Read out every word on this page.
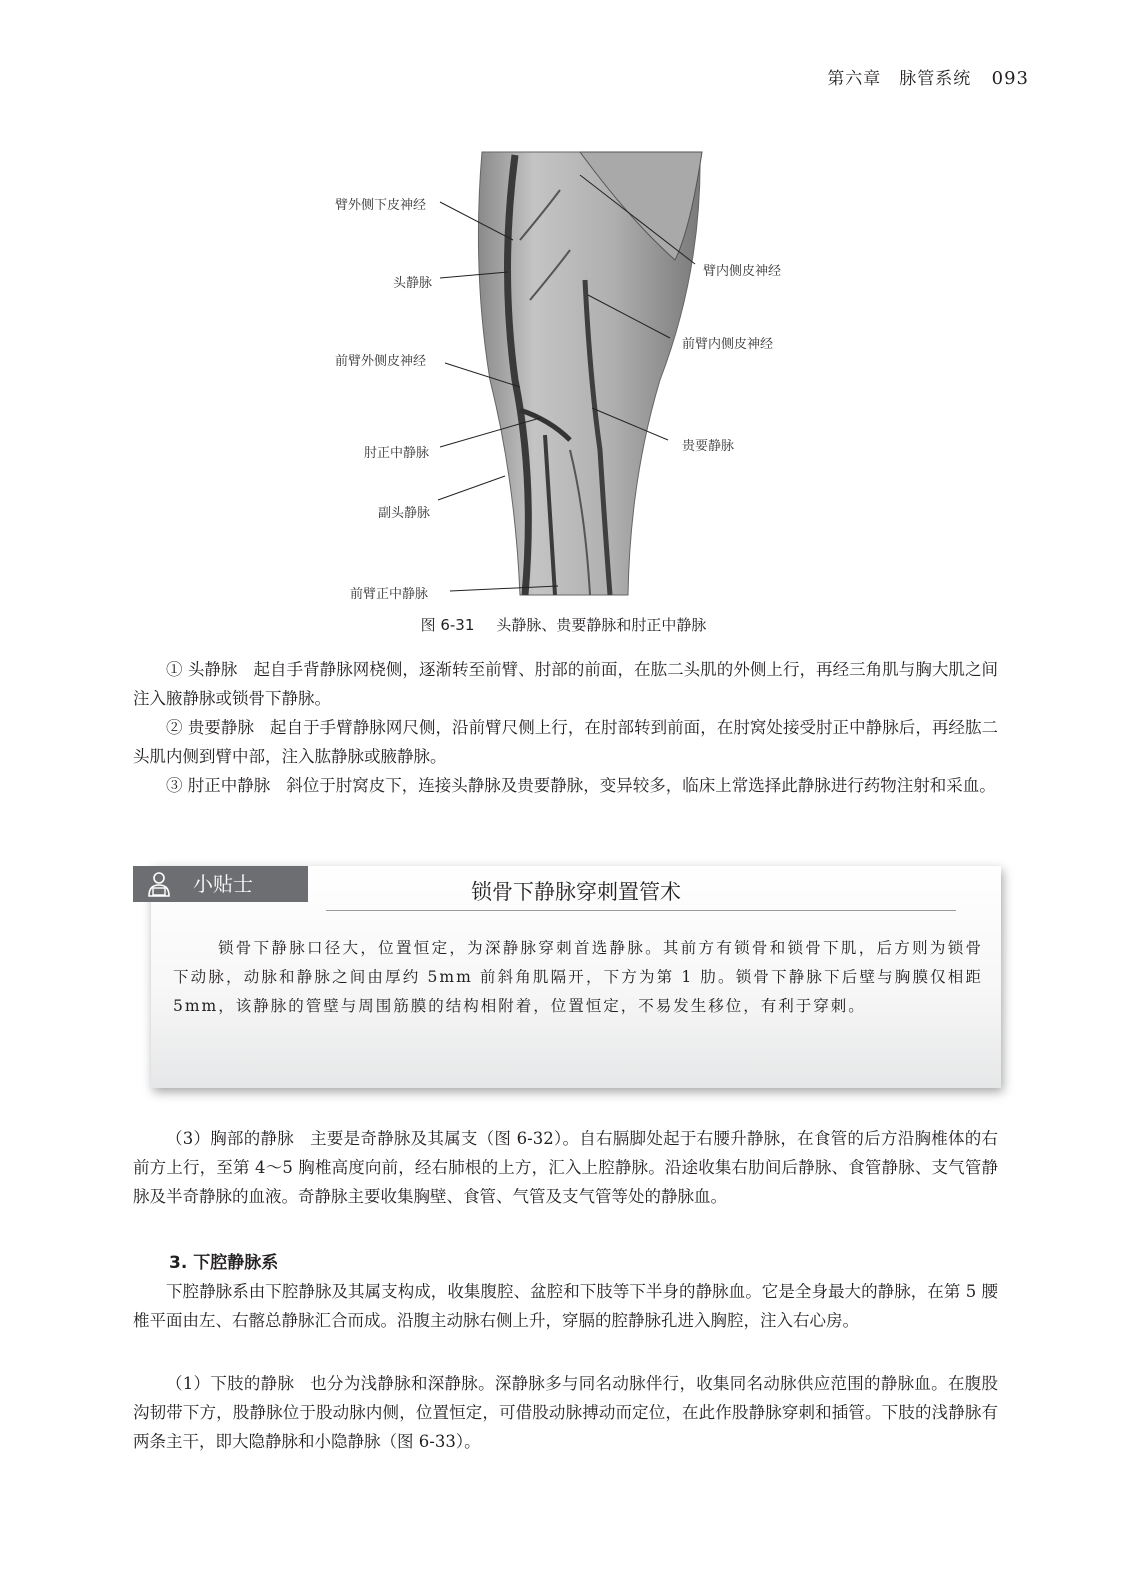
第六章　脉管系统 093
臂外侧下皮神经
头静脉
前臂外侧皮神经
肘正中静脉
副头静脉
前臂正中静脉
臂内侧皮神经
前臂内侧皮神经
贵要静脉
图 6-31 头静脉、贵要静脉和肘正中静脉

① 头静脉 起自手背静脉网桡侧，逐渐转至前臂、肘部的前面，在肱二头肌的外侧上行，再经三角肌与胸大肌之间注入腋静脉或锁骨下静脉。

② 贵要静脉 起自于手臂静脉网尺侧，沿前臂尺侧上行，在肘部转到前面，在肘窝处接受肘正中静脉后，再经肱二头肌内侧到臂中部，注入肱静脉或腋静脉。

③ 肘正中静脉 斜位于肘窝皮下，连接头静脉及贵要静脉，变异较多，临床上常选择此静脉进行药物注射和采血。

锁骨下静脉穿刺置管术

锁骨下静脉口径大，位置恒定，为深静脉穿刺首选静脉。其前方有锁骨和锁骨下肌，后方则为锁骨下动脉，动脉和静脉之间由厚约 5mm 前斜角肌隔开，下方为第 1 肋。锁骨下静脉下后壁与胸膜仅相距 5mm，该静脉的管壁与周围筋膜的结构相附着，位置恒定，不易发生移位，有利于穿刺。

小贴士

（3）胸部的静脉 主要是奇静脉及其属支（图 6-32）。自右膈脚处起于右腰升静脉，在食管的后方沿胸椎体的右前方上行，至第 4～5 胸椎高度向前，经右肺根的上方，汇入上腔静脉。沿途收集右肋间后静脉、食管静脉、支气管静脉及半奇静脉的血液。奇静脉主要收集胸壁、食管、气管及支气管等处的静脉血。

3. 下腔静脉系

下腔静脉系由下腔静脉及其属支构成，收集腹腔、盆腔和下肢等下半身的静脉血。它是全身最大的静脉，在第 5 腰椎平面由左、右髂总静脉汇合而成。沿腹主动脉右侧上升，穿膈的腔静脉孔进入胸腔，注入右心房。

（1）下肢的静脉 也分为浅静脉和深静脉。深静脉多与同名动脉伴行，收集同名动脉供应范围的静脉血。在腹股沟韧带下方，股静脉位于股动脉内侧，位置恒定，可借股动脉搏动而定位，在此作股静脉穿刺和插管。下肢的浅静脉有两条主干，即大隐静脉和小隐静脉（图 6-33）。
